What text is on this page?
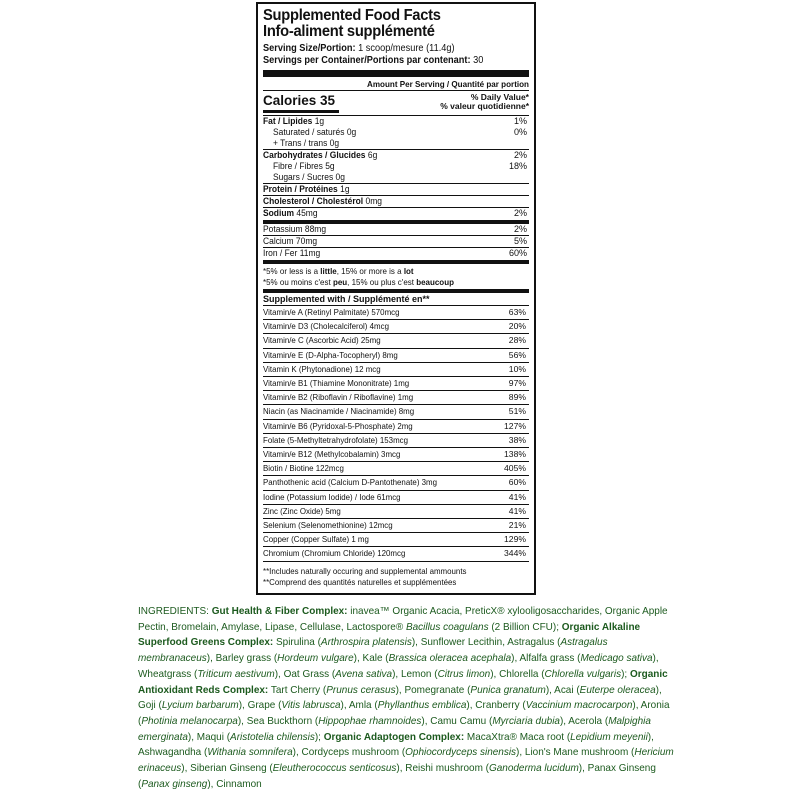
Supplemented Food Facts
Info-aliment supplémenté
Serving Size/Portion: 1 scoop/mesure (11.4g)
Servings per Container/Portions par contenant: 30
Amount Per Serving / Quantité par portion
Calories 35	% Daily Value*
% valeur quotidienne*
Fat / Lipides 1g	1%
Saturated / saturés 0g	0%
+ Trans / trans 0g
Carbohydrates / Glucides 6g	2%
Fibre / Fibres 5g	18%
Sugars / Sucres 0g
Protein / Protéines 1g
Cholesterol / Cholestérol 0mg
Sodium 45mg	2%
Potassium 88mg	2%
Calcium 70mg	5%
Iron / Fer 11mg	60%
*5% or less is a little, 15% or more is a lot
*5% ou moins c'est peu, 15% ou plus c'est beaucoup
Supplemented with / Supplémenté en**
Vitamin/e A (Retinyl Palmitate) 570mcg	63%
Vitamin/e D3 (Cholecalciferol) 4mcg	20%
Vitamin/e C (Ascorbic Acid) 25mg	28%
Vitamin/e E (D-Alpha-Tocopheryl) 8mg	56%
Vitamin K (Phytonadione) 12 mcg	10%
Vitamin/e B1 (Thiamine Mononitrate) 1mg	97%
Vitamin/e B2 (Riboflavin / Riboflavine) 1mg	89%
Niacin (as Niacinamide / Niacinamide) 8mg	51%
Vitamin/e B6 (Pyridoxal-5-Phosphate) 2mg	127%
Folate (5-Methyltetrahydrofolate) 153mcg	38%
Vitamin/e B12 (Methylcobalamin) 3mcg	138%
Biotin / Biotine 122mcg	405%
Panthothenic acid (Calcium D-Pantothenate) 3mg	60%
Iodine (Potassium Iodide) / Iode 61mcg	41%
Zinc (Zinc Oxide) 5mg	41%
Selenium (Selenomethionine) 12mcg	21%
Copper (Copper Sulfate) 1 mg	129%
Chromium (Chromium Chloride) 120mcg	344%
**Includes naturally occuring and supplemental ammounts
**Comprend des quantités naturelles et supplémentées
INGREDIENTS: Gut Health & Fiber Complex: inavea™ Organic Acacia, PreticX® xylooligosaccharides, Organic Apple Pectin, Bromelain, Amylase, Lipase, Cellulase, Lactospore® Bacillus coagulans (2 Billion CFU); Organic Alkaline Superfood Greens Complex: Spirulina (Arthrospira platensis), Sunflower Lecithin, Astragalus (Astragalus membranaceus), Barley grass (Hordeum vulgare), Kale (Brassica oleracea acephala), Alfalfa grass (Medicago sativa), Wheatgrass (Triticum aestivum), Oat Grass (Avena sativa), Lemon (Citrus limon), Chlorella (Chlorella vulgaris); Organic Antioxidant Reds Complex: Tart Cherry (Prunus cerasus), Pomegranate (Punica granatum), Acai (Euterpe oleracea), Goji (Lycium barbarum), Grape (Vitis labrusca), Amla (Phyllanthus emblica), Cranberry (Vaccinium macrocarpon), Aronia (Photinia melanocarpa), Sea Buckthorn (Hippophae rhamnoides), Camu Camu (Myrciaria dubia), Acerola (Malpighia emerginata), Maqui (Aristotelia chilensis); Organic Adaptogen Complex: MacaXtra® Maca root (Lepidium meyenii), Ashwagandha (Withania somnifera), Cordyceps mushroom (Ophiocordyceps sinensis), Lion's Mane mushroom (Hericium erinaceus), Siberian Ginseng (Eleutherococcus senticosus), Reishi mushroom (Ganoderma lucidum), Panax Ginseng (Panax ginseng), Cinnamon
